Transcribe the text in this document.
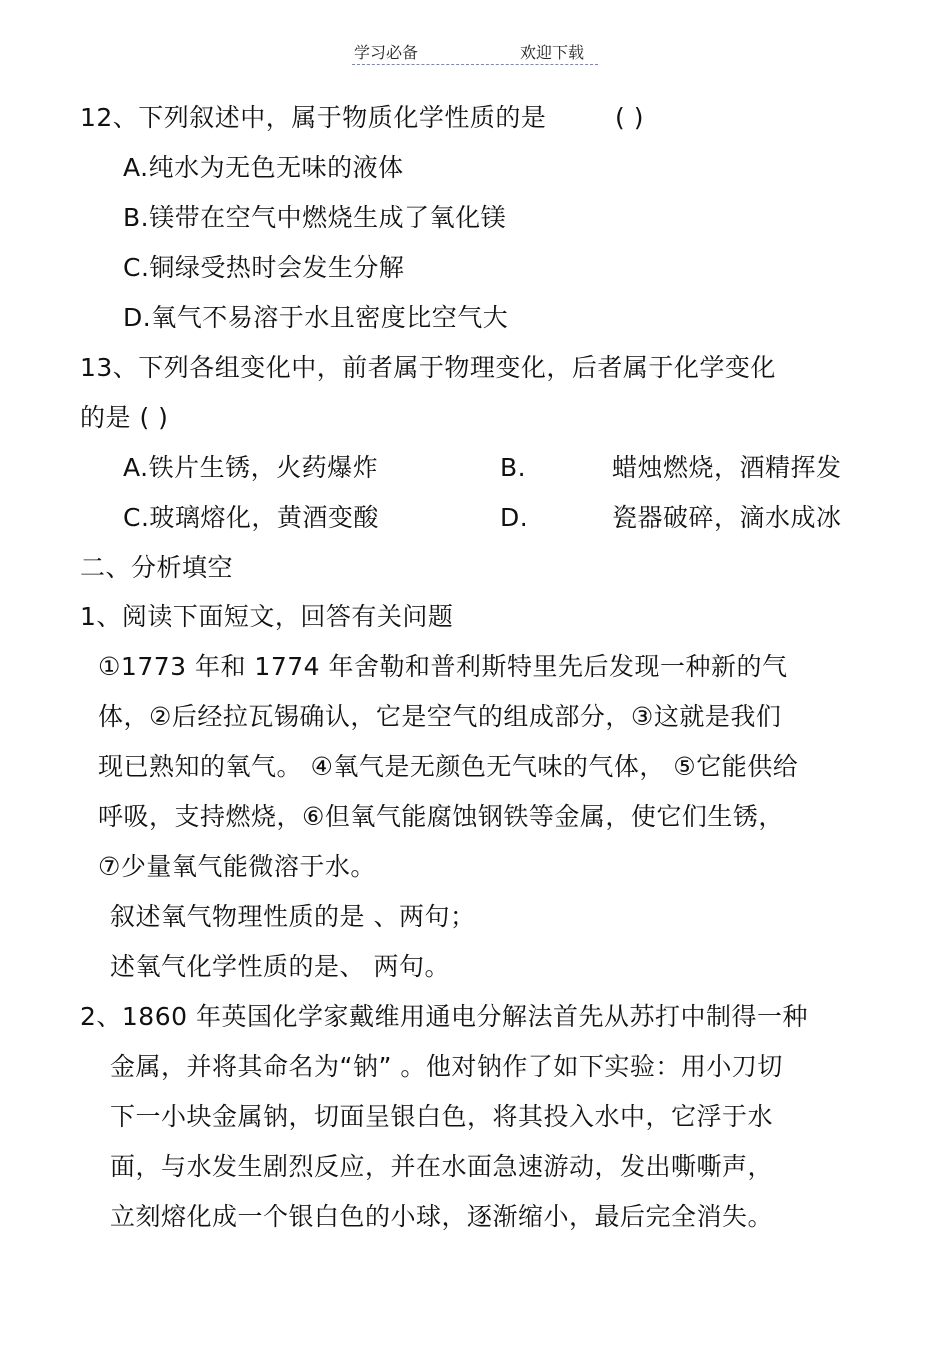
学习必备	欢迎下载
12、下列叙述中，属于物质化学性质的是	( )
A.纯水为无色无味的液体
B.镁带在空气中燃烧生成了氧化镁
C.铜绿受热时会发生分解
D.氧气不易溶于水且密度比空气大
13、下列各组变化中，前者属于物理变化，后者属于化学变化
的是 ( )
A.铁片生锈，火药爆炸	B.	蜡烛燃烧，酒精挥发
C.玻璃熔化，黄酒变酸	D.	瓷器破碎，滴水成冰
二、分析填空
1、阅读下面短文，回答有关问题
①1773 年和 1774 年舍勒和普利斯特里先后发现一种新的气
体，②后经拉瓦锡确认，它是空气的组成部分，③这就是我们
现已熟知的氧气。 ④氧气是无颜色无气味的气体， ⑤它能供给
呼吸，支持燃烧，⑥但氧气能腐蚀钢铁等金属，使它们生锈，
⑦少量氧气能微溶于水。
叙述氧气物理性质的是 、两句；
述氧气化学性质的是、 两句。
2、1860 年英国化学家戴维用通电分解法首先从苏打中制得一种
金属，并将其命名为“钠” 。他对钠作了如下实验：用小刀切
下一小块金属钠，切面呈银白色，将其投入水中，它浮于水
面，与水发生剧烈反应，并在水面急速游动，发出嘶嘶声，
立刻熔化成一个银白色的小球，逐渐缩小，最后完全消失。
